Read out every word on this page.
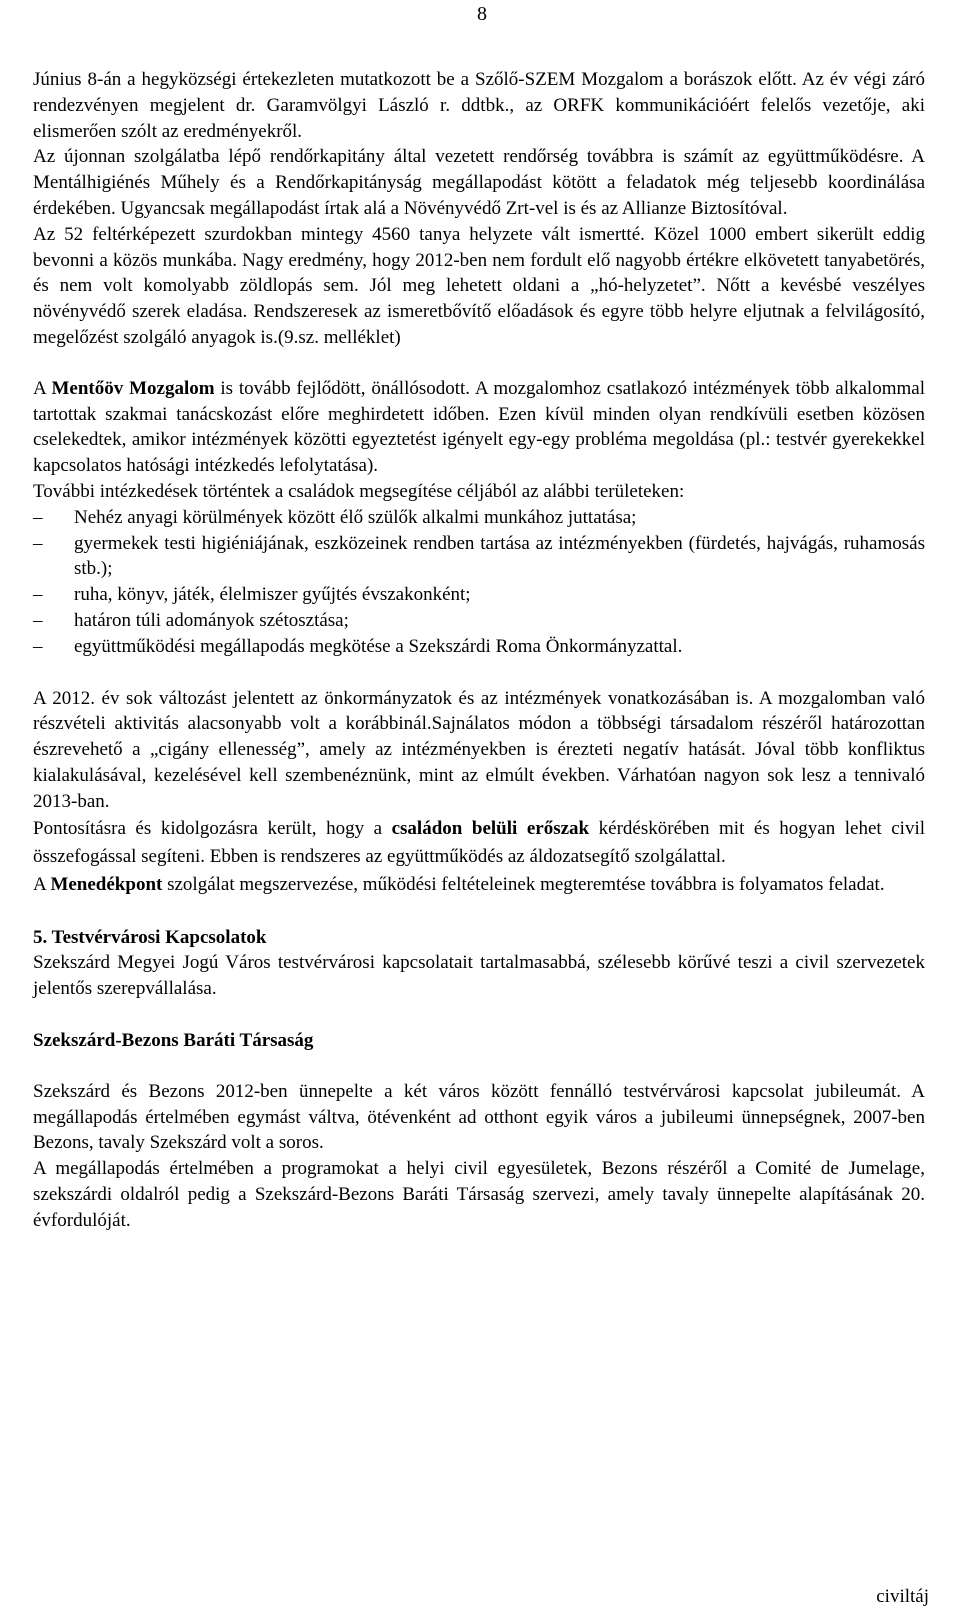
8

Június 8-án a hegyközségi értekezleten mutatkozott be a Szőlő-SZEM Mozgalom a borászok előtt. Az év végi záró rendezvényen megjelent dr. Garamvölgyi László r. ddtbk., az ORFK kommunikációért felelős vezetője, aki elismerően szólt az eredményekről.

Az újonnan szolgálatba lépő rendőrkapitány által vezetett rendőrség továbbra is számít az együttműködésre. A Mentálhigiénés Műhely és a Rendőrkapitányság megállapodást kötött a feladatok még teljesebb koordinálása érdekében. Ugyancsak megállapodást írtak alá a Növényvédő Zrt-vel is és az Allianze Biztosítóval.

Az 52 feltérképezett szurdokban mintegy 4560 tanya helyzete vált ismertté. Közel 1000 embert sikerült eddig bevonni a közös munkába. Nagy eredmény, hogy 2012-ben nem fordult elő nagyobb értékre elkövetett tanyabetörés, és nem volt komolyabb zöldlopás sem. Jól meg lehetett oldani a „hó-helyzetet”. Nőtt a kevésbé veszélyes növényvédő szerek eladása. Rendszeresek az ismeretbővítő előadások és egyre több helyre eljutnak a felvilágosító, megelőzést szolgáló anyagok is.(9.sz. melléklet)

A Mentőöv Mozgalom is tovább fejlődött, önállósodott. A mozgalomhoz csatlakozó intézmények több alkalommal tartottak szakmai tanácskozást előre meghirdetett időben. Ezen kívül minden olyan rendkívüli esetben közösen cselekedtek, amikor intézmények közötti egyeztetést igényelt egy-egy probléma megoldása (pl.: testvér gyerekekkel kapcsolatos hatósági intézkedés lefolytatása).

További intézkedések történtek a családok megsegítése céljából az alábbi területeken:

– Nehéz anyagi körülmények között élő szülők alkalmi munkához juttatása;
– gyermekek testi higiéniájának, eszközeinek rendben tartása az intézményekben (fürdetés, hajvágás, ruhamosás stb.);
– ruha, könyv, játék, élelmiszer gyűjtés évszakonként;
– határon túli adományok szétosztása;
– együttműködési megállapodás megkötése a Szekszárdi Roma Önkormányzattal.

A 2012. év sok változást jelentett az önkormányzatok és az intézmények vonatkozásában is. A mozgalomban való részvételi aktivitás alacsonyabb volt a korábbinál.Sajnálatos módon a többségi társadalom részéről határozottan észrevehető a „cigány ellenesség”, amely az intézményekben is érezteti negatív hatását. Jóval több konfliktus kialakulásával, kezelésével kell szembenéznünk, mint az elmúlt években. Várhatóan nagyon sok lesz a tennivaló 2013-ban.

Pontosításra és kidolgozásra került, hogy a családon belüli erőszak kérdéskörében mit és hogyan lehet civil összefogással segíteni. Ebben is rendszeres az együttműködés az áldozatsegítő szolgálattal.

A Menedékpont szolgálat megszervezése, működési feltételeinek megteremtése továbbra is folyamatos feladat.

5. Testvérvárosi Kapcsolatok

Szekszárd Megyei Jogú Város testvérvárosi kapcsolatait tartalmasabbá, szélesebb körűvé teszi a civil szervezetek jelentős szerepvállalása.

Szekszárd-Bezons Baráti Társaság

Szekszárd és Bezons 2012-ben ünnepelte a két város között fennálló testvérvárosi kapcsolat jubileumát. A megállapodás értelmében egymást váltva, ötévenként ad otthont egyik város a jubileumi ünnepségnek, 2007-ben Bezons, tavaly Szekszárd volt a soros.

A megállapodás értelmében a programokat a helyi civil egyesületek, Bezons részéről a Comité de Jumelage, szekszárdi oldalról pedig a Szekszárd-Bezons Baráti Társaság szervezi, amely tavaly ünnepelte alapításának 20. évfordulóját.

civiltáj
